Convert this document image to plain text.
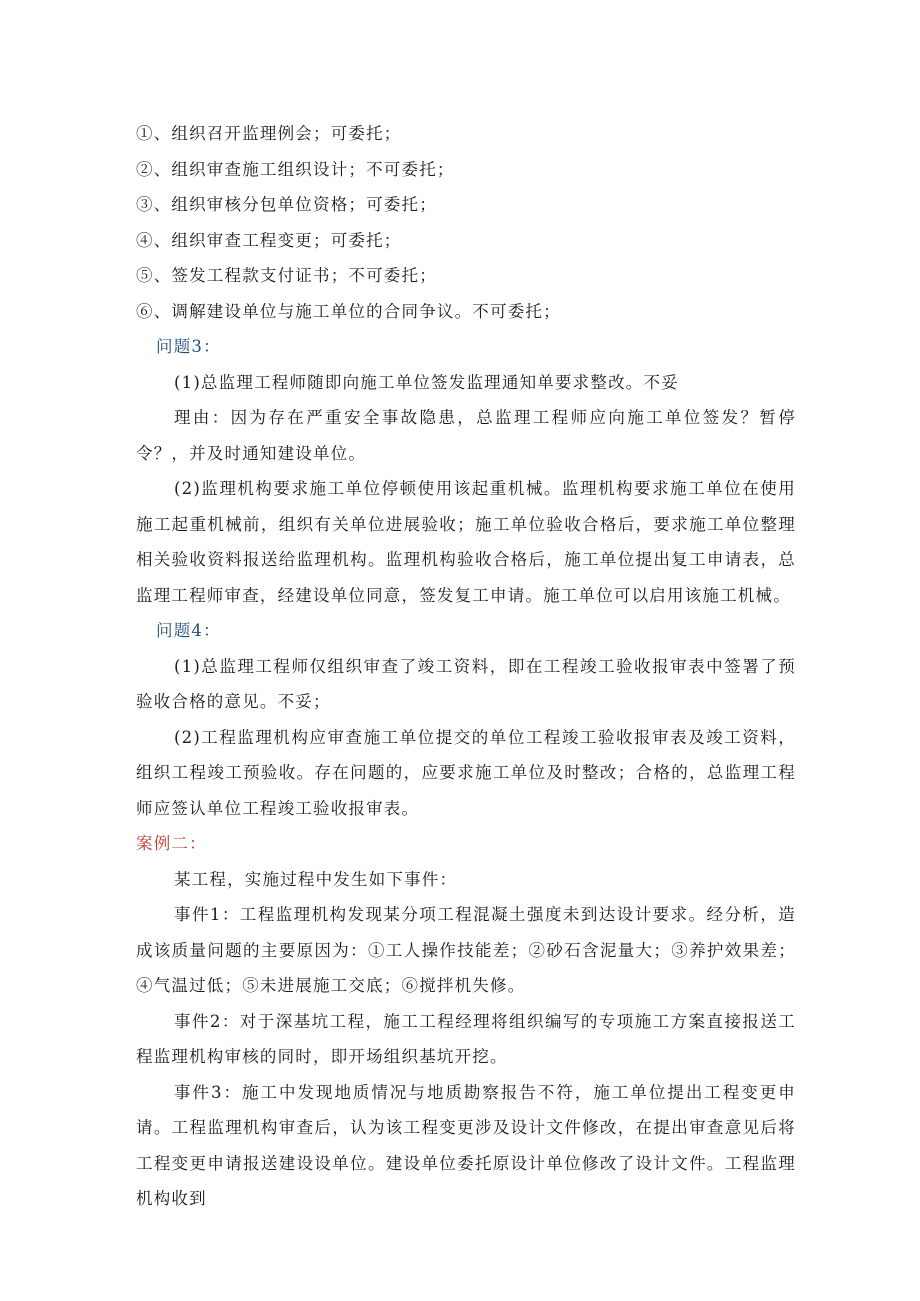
①、组织召开监理例会；可委托；
②、组织审查施工组织设计；不可委托；
③、组织审核分包单位资格；可委托；
④、组织审查工程变更；可委托；
⑤、签发工程款支付证书；不可委托；
⑥、调解建设单位与施工单位的合同争议。不可委托；
问题3：

(1)总监理工程师随即向施工单位签发监理通知单要求整改。不妥

理由：因为存在严重安全事故隐患，总监理工程师应向施工单位签发？暂停令？，并及时通知建设单位。

(2)监理机构要求施工单位停顿使用该起重机械。监理机构要求施工单位在使用施工起重机械前，组织有关单位进展验收；施工单位验收合格后，要求施工单位整理相关验收资料报送给监理机构。监理机构验收合格后，施工单位提出复工申请表，总监理工程师审查，经建设单位同意，签发复工申请。施工单位可以启用该施工机械。

问题4：

(1)总监理工程师仅组织审查了竣工资料，即在工程竣工验收报审表中签署了预验收合格的意见。不妥；

(2)工程监理机构应审查施工单位提交的单位工程竣工验收报审表及竣工资料，组织工程竣工预验收。存在问题的，应要求施工单位及时整改；合格的，总监理工程师应签认单位工程竣工验收报审表。

案例二：

某工程，实施过程中发生如下事件：

事件1：工程监理机构发现某分项工程混凝土强度未到达设计要求。经分析，造成该质量问题的主要原因为：①工人操作技能差；②砂石含泥量大；③养护效果差；④气温过低；⑤未进展施工交底；⑥搅拌机失修。

事件2：对于深基坑工程，施工工程经理将组织编写的专项施工方案直接报送工程监理机构审核的同时，即开场组织基坑开挖。

事件3：施工中发现地质情况与地质勘察报告不符，施工单位提出工程变更申请。工程监理机构审查后，认为该工程变更涉及设计文件修改，在提出审查意见后将工程变更申请报送建设设单位。建设单位委托原设计单位修改了设计文件。工程监理机构收到
